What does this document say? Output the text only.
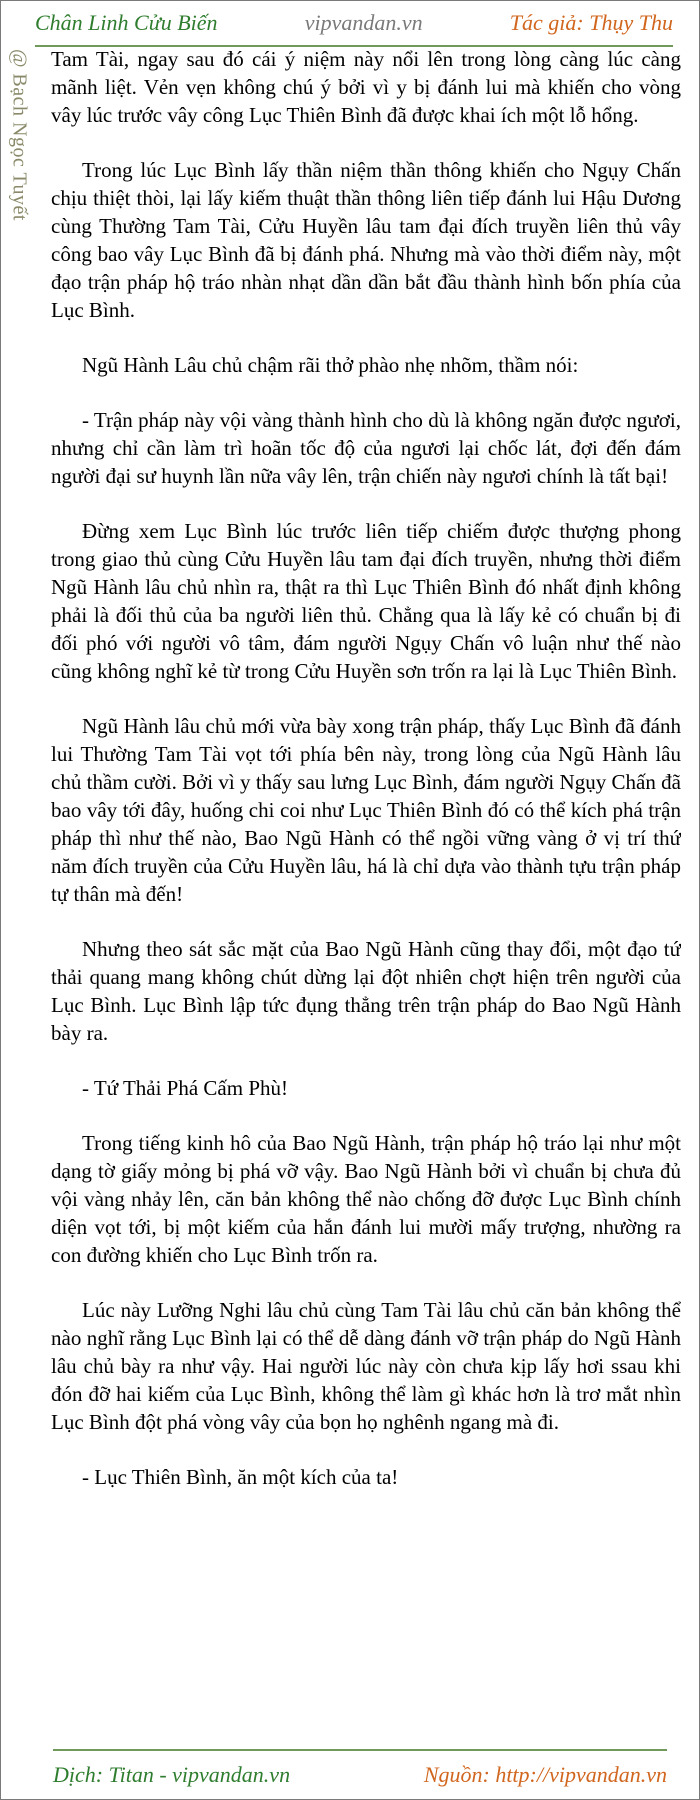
Chân Linh Cửu Biến	vipvandan.vn	Tác giả: Thụy Thu
@ Bạch Ngọc Tuyết Tam Tài, ngay sau đó cái ý niệm này nổi lên trong lòng càng lúc càng mãnh liệt. Vẻn vẹn không chú ý bởi vì y bị đánh lui mà khiến cho vòng vây lúc trước vây công Lục Thiên Bình đã được khai ích một lỗ hổng.

Trong lúc Lục Bình lấy thần niệm thần thông khiến cho Ngụy Chấn chịu thiệt thòi, lại lấy kiếm thuật thần thông liên tiếp đánh lui Hậu Dương cùng Thường Tam Tài, Cửu Huyền lâu tam đại đích truyền liên thủ vây công bao vây Lục Bình đã bị đánh phá. Nhưng mà vào thời điểm này, một đạo trận pháp hộ tráo nhàn nhạt dần dần bắt đầu thành hình bốn phía của Lục Bình.

Ngũ Hành Lâu chủ chậm rãi thở phào nhẹ nhõm, thầm nói:

- Trận pháp này vội vàng thành hình cho dù là không ngăn được ngươi, nhưng chỉ cần làm trì hoãn tốc độ của ngươi lại chốc lát, đợi đến đám người đại sư huynh lần nữa vây lên, trận chiến này ngươi chính là tất bại!

Đừng xem Lục Bình lúc trước liên tiếp chiếm được thượng phong trong giao thủ cùng Cửu Huyền lâu tam đại đích truyền, nhưng thời điểm Ngũ Hành lâu chủ nhìn ra, thật ra thì Lục Thiên Bình đó nhất định không phải là đối thủ của ba người liên thủ. Chẳng qua là lấy kẻ có chuẩn bị đi đối phó với người vô tâm, đám người Ngụy Chấn vô luận như thế nào cũng không nghĩ kẻ từ trong Cửu Huyền sơn trốn ra lại là Lục Thiên Bình.

Ngũ Hành lâu chủ mới vừa bày xong trận pháp, thấy Lục Bình đã đánh lui Thường Tam Tài vọt tới phía bên này, trong lòng của Ngũ Hành lâu chủ thầm cười. Bởi vì y thấy sau lưng Lục Bình, đám người Ngụy Chấn đã bao vây tới đây, huống chi coi như Lục Thiên Bình đó có thể kích phá trận pháp thì như thế nào, Bao Ngũ Hành có thể ngồi vững vàng ở vị trí thứ năm đích truyền của Cửu Huyền lâu, há là chỉ dựa vào thành tựu trận pháp tự thân mà đến!

Nhưng theo sát sắc mặt của Bao Ngũ Hành cũng thay đổi, một đạo tứ thải quang mang không chút dừng lại đột nhiên chợt hiện trên người của Lục Bình. Lục Bình lập tức đụng thẳng trên trận pháp do Bao Ngũ Hành bày ra.

- Tứ Thải Phá Cấm Phù!

Trong tiếng kinh hô của Bao Ngũ Hành, trận pháp hộ tráo lại như một dạng tờ giấy mỏng bị phá vỡ vậy. Bao Ngũ Hành bởi vì chuẩn bị chưa đủ vội vàng nhảy lên, căn bản không thể nào chống đỡ được Lục Bình chính diện vọt tới, bị một kiếm của hắn đánh lui mười mấy trượng, nhường ra con đường khiến cho Lục Bình trốn ra.

Lúc này Lưỡng Nghi lâu chủ cùng Tam Tài lâu chủ căn bản không thể nào nghĩ rằng Lục Bình lại có thể dễ dàng đánh vỡ trận pháp do Ngũ Hành lâu chủ bày ra như vậy. Hai người lúc này còn chưa kịp lấy hơi ssau khi đón đỡ hai kiếm của Lục Bình, không thể làm gì khác hơn là trơ mắt nhìn Lục Bình đột phá vòng vây của bọn họ nghênh ngang mà đi.

- Lục Thiên Bình, ăn một kích của ta!

Dịch: Titan - vipvandan.vn	Nguồn: http://vipvandan.vn
